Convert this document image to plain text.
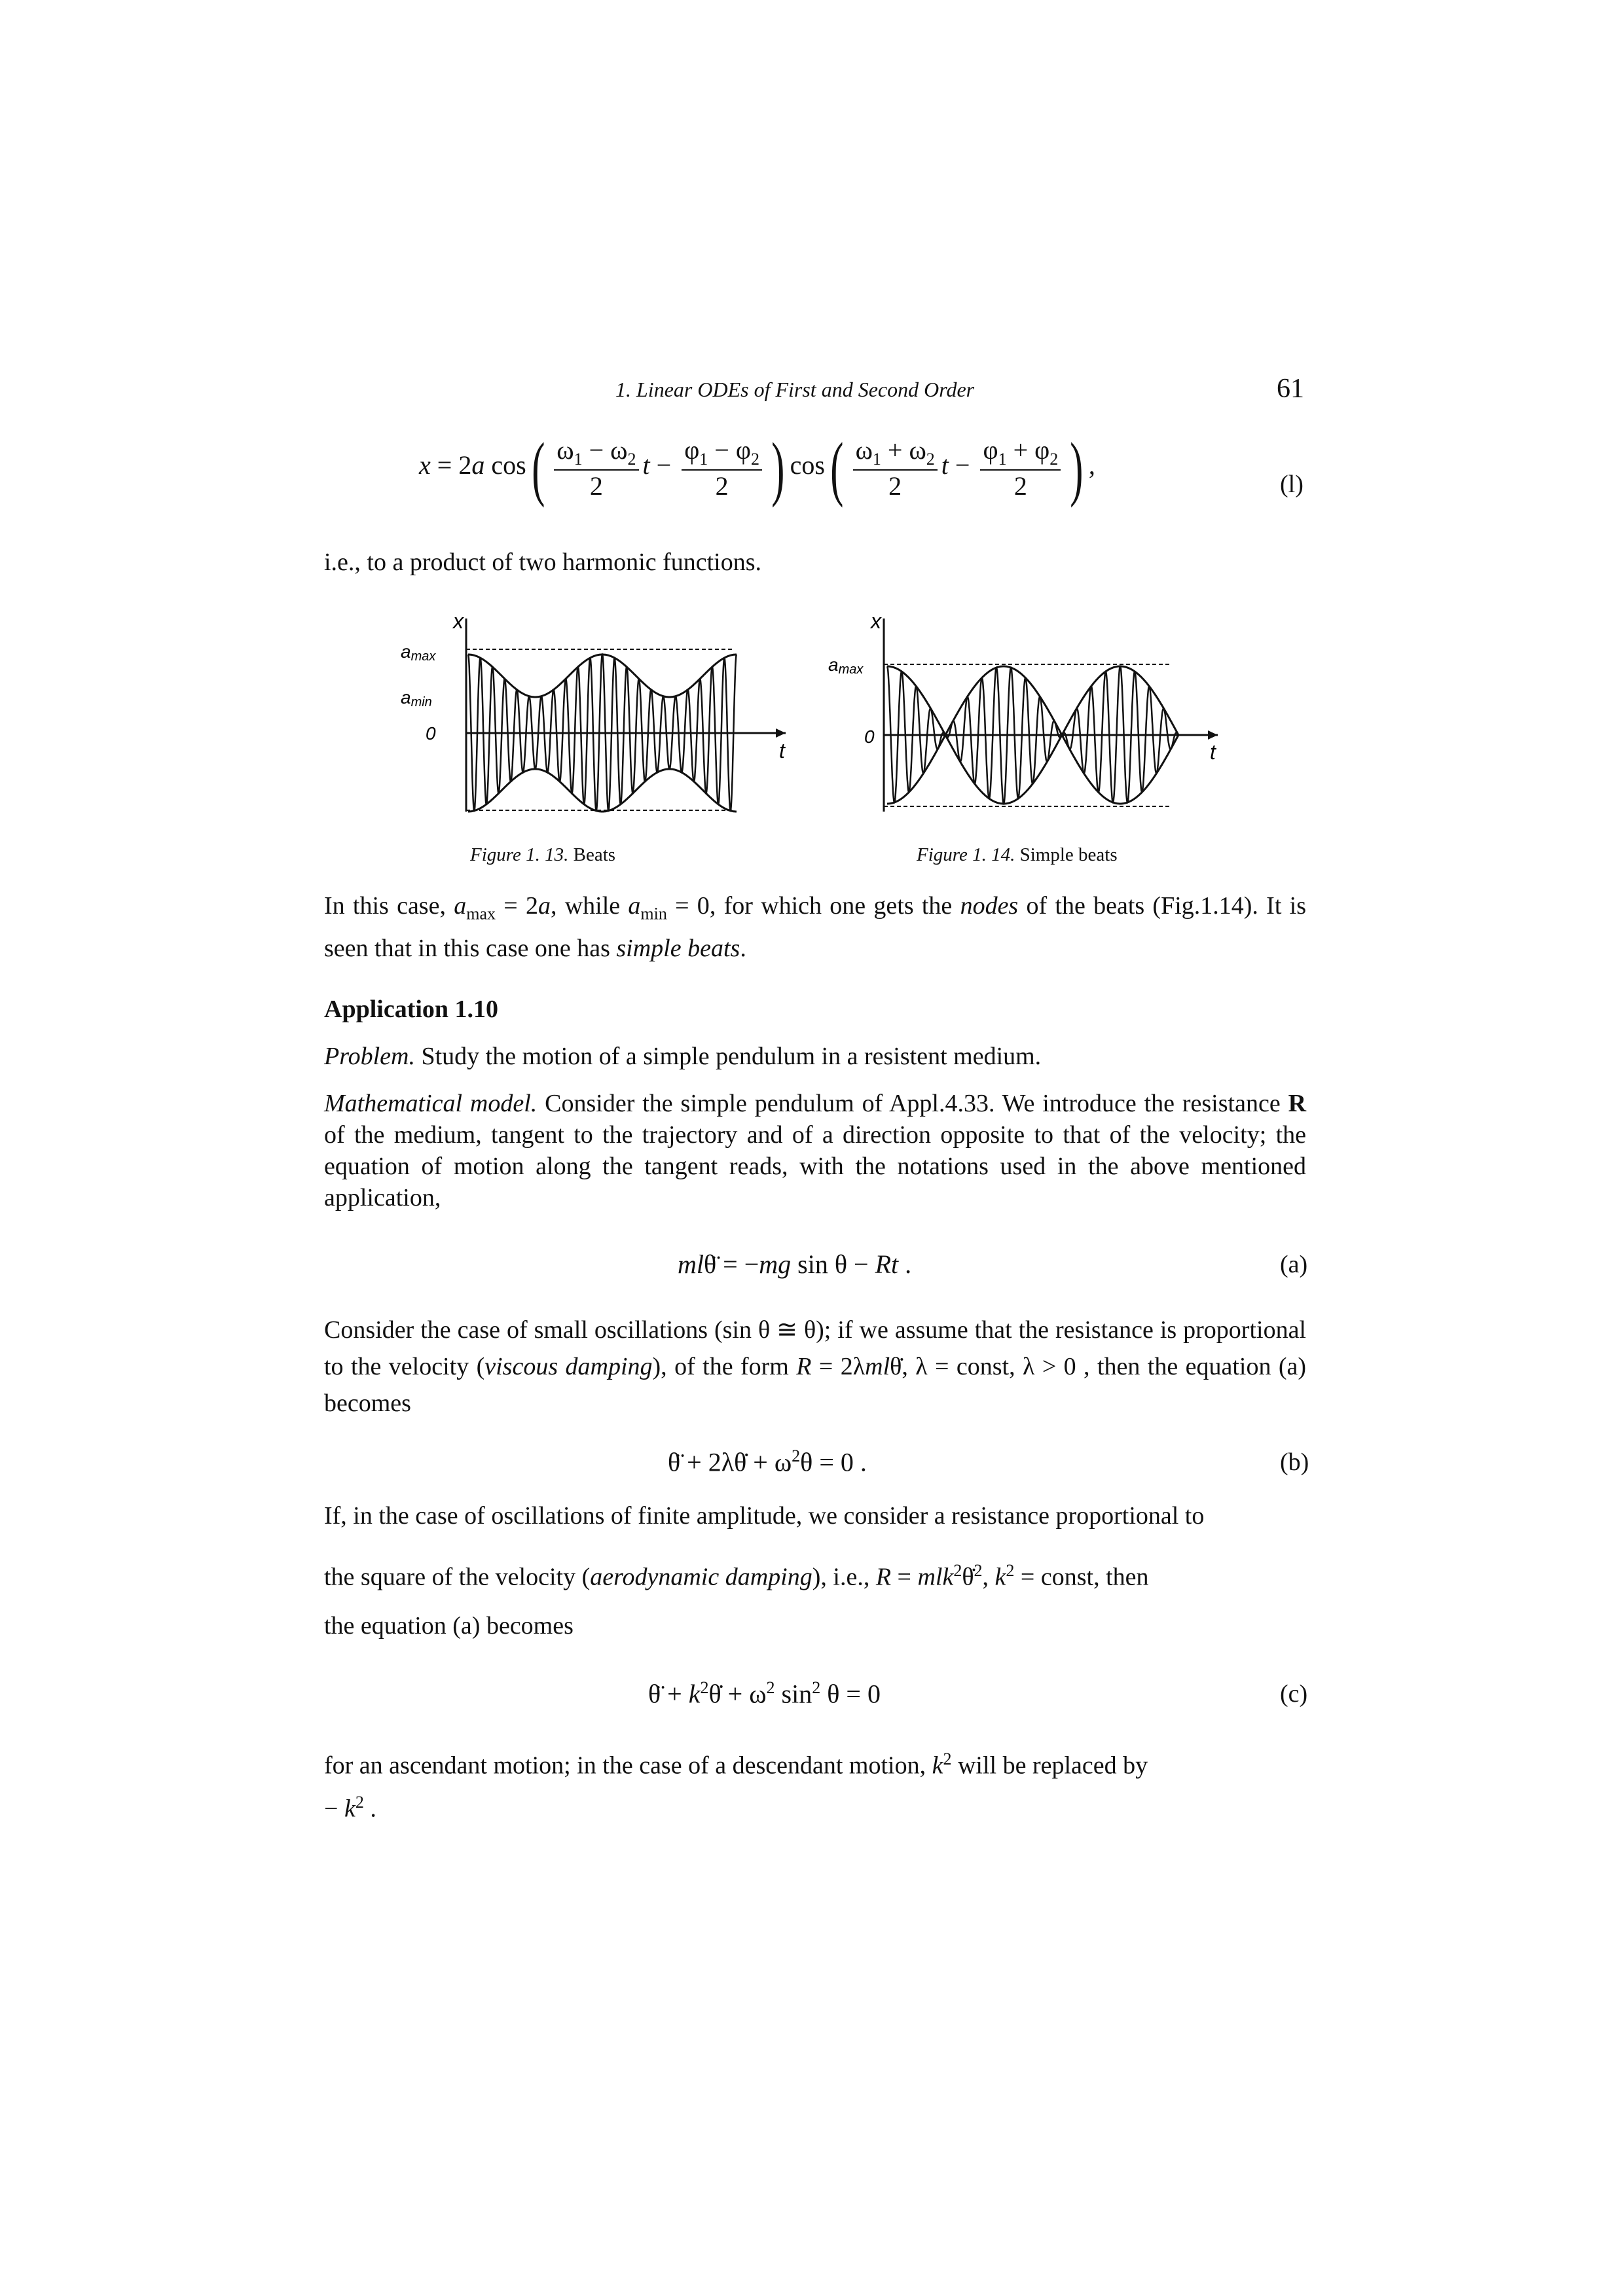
1. Linear ODEs of First and Second Order	61
x = 2a $\cos( \frac{\omega_1 - \omega_2}{2}$ $t - \frac{\varphi_1 - \varphi_2}{2}$ ) $\cos( \frac{\omega_1 + \omega_2}{2}$ $t - \frac{\varphi_1 + \varphi_2}{2}$ ) ,
(l)
i.e., to a product of two harmonic functions.
x
amax
amin
0
t
x
amax
0
t
Figure 1. 13. Beats	Figure 1. 14. Simple beats
In this case, $a_{max} = 2a$, while $a_{min} = 0$, for which one gets the nodes of the beats (Fig.1.14). It is seen that in this case one has simple beats.
Application 1.10
Problem. Study the motion of a simple pendulum in a resistent medium.
Mathematical model. Consider the simple pendulum of Appl.4.33. We introduce the resistance R of the medium, tangent to the trajectory and of a direction opposite to that of the velocity; the equation of motion along the tangent reads, with the notations used in the above mentioned application,
mlθ̈ = −mg sin θ − Rt .	(a)
Consider the case of small oscillations (sin θ ≅ θ); if we assume that the resistance is proportional to the velocity (viscous damping), of the form R = 2λmlθ̇, λ = const, λ > 0 , then the equation (a) becomes
θ̈ + 2λθ̇ + $\omega^2\theta = 0$ .	(b)
If, in the case of oscillations of finite amplitude, we consider a resistance proportional to
the square of the velocity (aerodynamic damping), i.e., R = mlk$^2$θ̇$^2$, $k^2$ = const, then
the equation (a) becomes
θ̈ + $k^2\thetȧ + \omega^2$ $\sin^2 \theta = 0$	(c)
for an ascendant motion; in the case of a descendant motion, $k^2$ will be replaced by
− $k^2$ .
